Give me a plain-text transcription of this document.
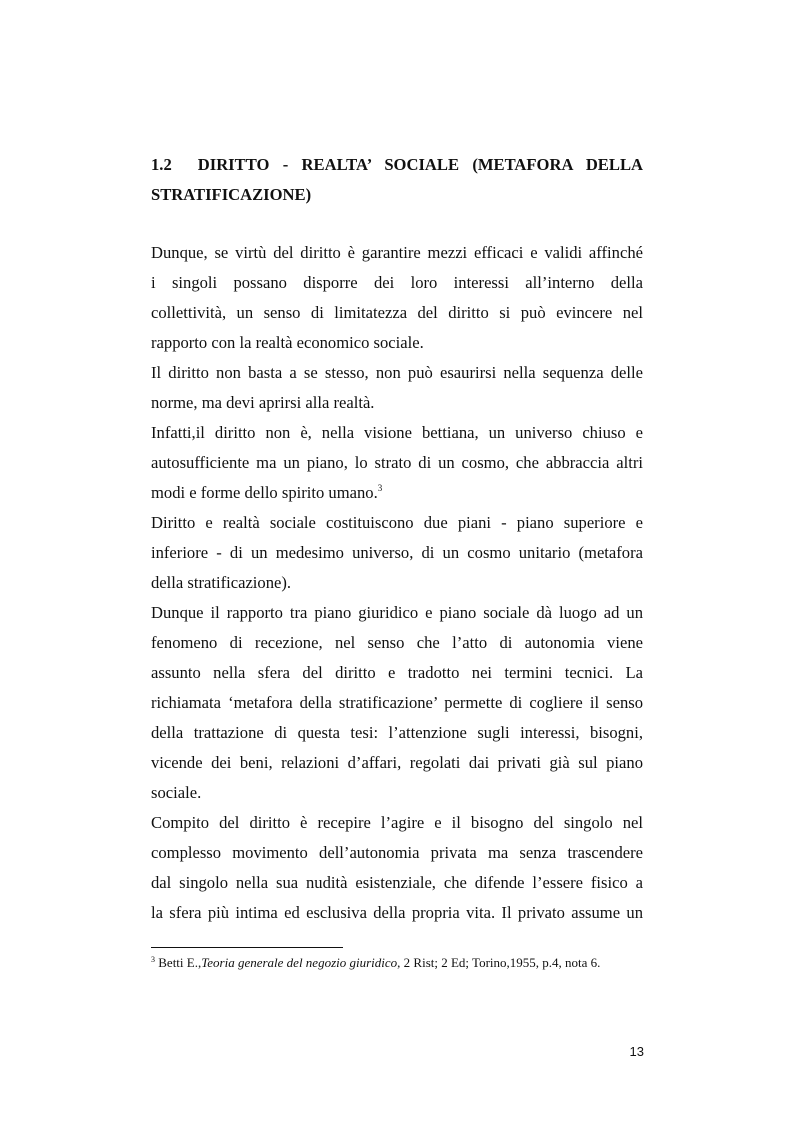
1.2 DIRITTO - REALTA’ SOCIALE (METAFORA DELLA
STRATIFICAZIONE)
Dunque, se virtù del diritto è garantire mezzi efficaci e validi affinché
i singoli possano disporre dei loro interessi all’interno della
collettività, un senso di limitatezza del diritto si può evincere nel
rapporto con la realtà economico sociale.
Il diritto non basta a se stesso, non può esaurirsi nella sequenza delle
norme, ma devi aprirsi alla realtà.
Infatti,il diritto non è, nella visione bettiana, un universo chiuso e
autosufficiente ma un piano, lo strato di un cosmo, che abbraccia altri
modi e forme dello spirito umano.$^3$
Diritto e realtà sociale costituiscono due piani - piano superiore e
inferiore - di un medesimo universo, di un cosmo unitario (metafora
della stratificazione).
Dunque il rapporto tra piano giuridico e piano sociale dà luogo ad un
fenomeno di recezione, nel senso che l’atto di autonomia viene
assunto nella sfera del diritto e tradotto nei termini tecnici. La
richiamata ‘metafora della stratificazione’ permette di cogliere il senso
della trattazione di questa tesi: l’attenzione sugli interessi, bisogni,
vicende dei beni, relazioni d’affari, regolati dai privati già sul piano
sociale.
Compito del diritto è recepire l’agire e il bisogno del singolo nel
complesso movimento dell’autonomia privata ma senza trascendere
dal singolo nella sua nudità esistenziale, che difende l’essere fisico a
la sfera più intima ed esclusiva della propria vita. Il privato assume un
$^3$ Betti E.,Teoria generale del negozio giuridico, 2 Rist; 2 Ed; Torino,1955, p.4, nota 6.
13
